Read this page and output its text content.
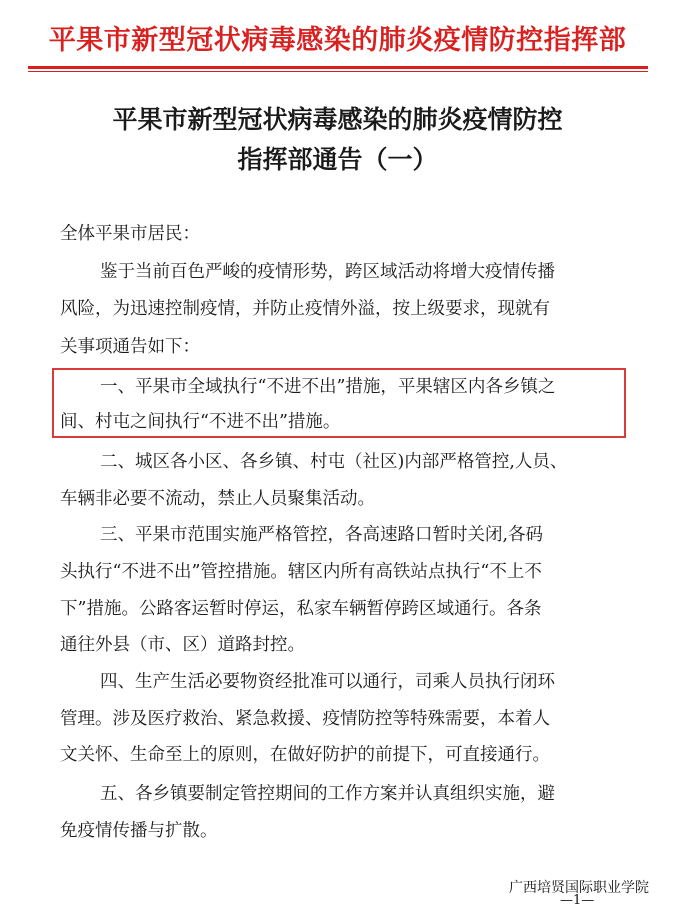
平果市新型冠状病毒感染的肺炎疫情防控指挥部
平果市新型冠状病毒感染的肺炎疫情防控
指挥部通告（一）
全体平果市居民：
鉴于当前百色严峻的疫情形势，跨区域活动将增大疫情传播
风险，为迅速控制疫情，并防止疫情外溢，按上级要求，现就有
关事项通告如下：
一、平果市全域执行“不进不出”措施，平果辖区内各乡镇之
间、村屯之间执行“不进不出”措施。
二、城区各小区、各乡镇、村屯（社区)内部严格管控,人员、
车辆非必要不流动，禁止人员聚集活动。
三、平果市范围实施严格管控，各高速路口暂时关闭,各码
头执行“不进不出”管控措施。辖区内所有高铁站点执行“不上不
下”措施。公路客运暂时停运，私家车辆暂停跨区域通行。各条
通往外县（市、区）道路封控。
四、生产生活必要物资经批准可以通行，司乘人员执行闭环
管理。涉及医疗救治、紧急救援、疫情防控等特殊需要，本着人
文关怀、生命至上的原则，在做好防护的前提下，可直接通行。
五、各乡镇要制定管控期间的工作方案并认真组织实施，避
免疫情传播与扩散。
广西培贤国际职业学院
—1—
